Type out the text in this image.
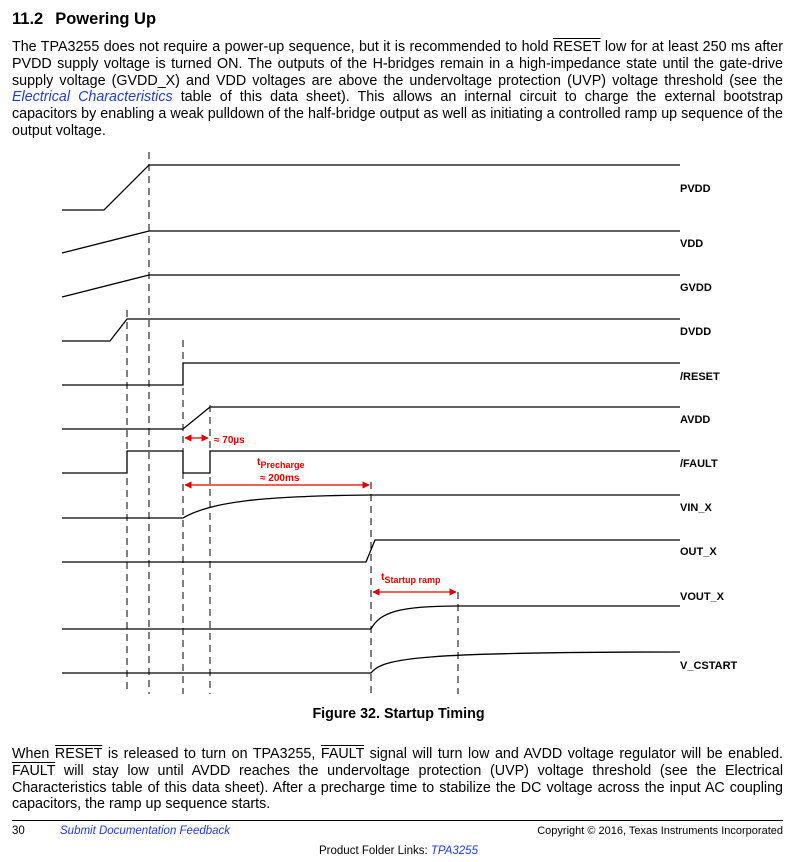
11.2 Powering Up

The TPA3255 does not require a power-up sequence, but it is recommended to hold RESET low for at least 250 ms after PVDD supply voltage is turned ON. The outputs of the H-bridges remain in a high-impedance state until the gate-drive supply voltage (GVDD_X) and VDD voltages are above the undervoltage protection (UVP) voltage threshold (see the Electrical Characteristics table of this data sheet). This allows an internal circuit to charge the external bootstrap capacitors by enabling a weak pulldown of the half-bridge output as well as initiating a controlled ramp up sequence of the output voltage.

PVDD
VDD
GVDD
DVDD
/RESET
AVDD
/FAULT
VIN_X
OUT_X
VOUT_X
V_CSTART
≈ 70µs
tPrecharge
≈ 200ms
tStartup ramp
Figure 32. Startup Timing

When RESET is released to turn on TPA3255, FAULT signal will turn low and AVDD voltage regulator will be enabled. FAULT will stay low until AVDD reaches the undervoltage protection (UVP) voltage threshold (see the Electrical Characteristics table of this data sheet). After a precharge time to stabilize the DC voltage across the input AC coupling capacitors, the ramp up sequence starts.

30	Submit Documentation Feedback	Copyright © 2016, Texas Instruments Incorporated
Product Folder Links: TPA3255
